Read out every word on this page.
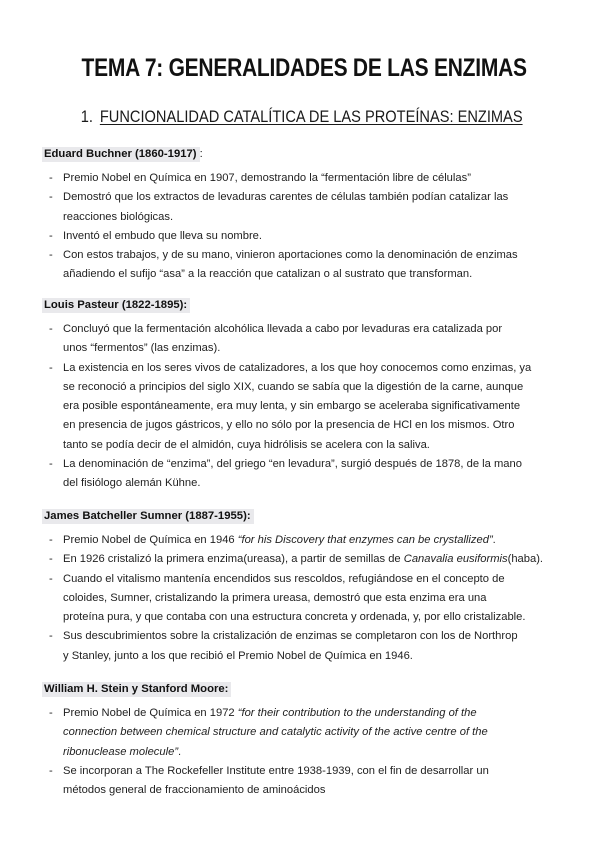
TEMA 7: GENERALIDADES DE LAS ENZIMAS
1. FUNCIONALIDAD CATALÍTICA DE LAS PROTEÍNAS: ENZIMAS
Eduard Buchner (1860-1917) :
- Premio Nobel en Química en 1907, demostrando la “fermentación libre de células”
- Demostró que los extractos de levaduras carentes de células también podían catalizar las
reacciones biológicas.
- Inventó el embudo que lleva su nombre.
- Con estos trabajos, y de su mano, vinieron aportaciones como la denominación de enzimas
añadiendo el sufijo “asa” a la reacción que catalizan o al sustrato que transforman.
Louis Pasteur (1822-1895):
- Concluyó que la fermentación alcohólica llevada a cabo por levaduras era catalizada por
unos “fermentos” (las enzimas).
- La existencia en los seres vivos de catalizadores, a los que hoy conocemos como enzimas, ya
se reconoció a principios del siglo XIX, cuando se sabía que la digestión de la carne, aunque
era posible espontáneamente, era muy lenta, y sin embargo se aceleraba significativamente
en presencia de jugos gástricos, y ello no sólo por la presencia de HCl en los mismos. Otro
tanto se podía decir de el almidón, cuya hidrólisis se acelera con la saliva.
- La denominación de “enzima”, del griego “en levadura”, surgió después de 1878, de la mano
del fisiólogo alemán Kühne.
James Batcheller Sumner (1887-1955):
- Premio Nobel de Química en 1946 “for his Discovery that enzymes can be crystallized”.
- En 1926 cristalizó la primera enzima(ureasa), a partir de semillas de Canavalia eusiformis(haba).
- Cuando el vitalismo mantenía encendidos sus rescoldos, refugiándose en el concepto de
coloides, Sumner, cristalizando la primera ureasa, demostró que esta enzima era una
proteína pura, y que contaba con una estructura concreta y ordenada, y, por ello cristalizable.
- Sus descubrimientos sobre la cristalización de enzimas se completaron con los de Northrop
y Stanley, junto a los que recibió el Premio Nobel de Química en 1946.
William H. Stein y Stanford Moore:
- Premio Nobel de Química en 1972 “for their contribution to the understanding of the
connection between chemical structure and catalytic activity of the active centre of the
ribonuclease molecule”.
- Se incorporan a The Rockefeller Institute entre 1938-1939, con el fin de desarrollar un
métodos general de fraccionamiento de aminoácidos
